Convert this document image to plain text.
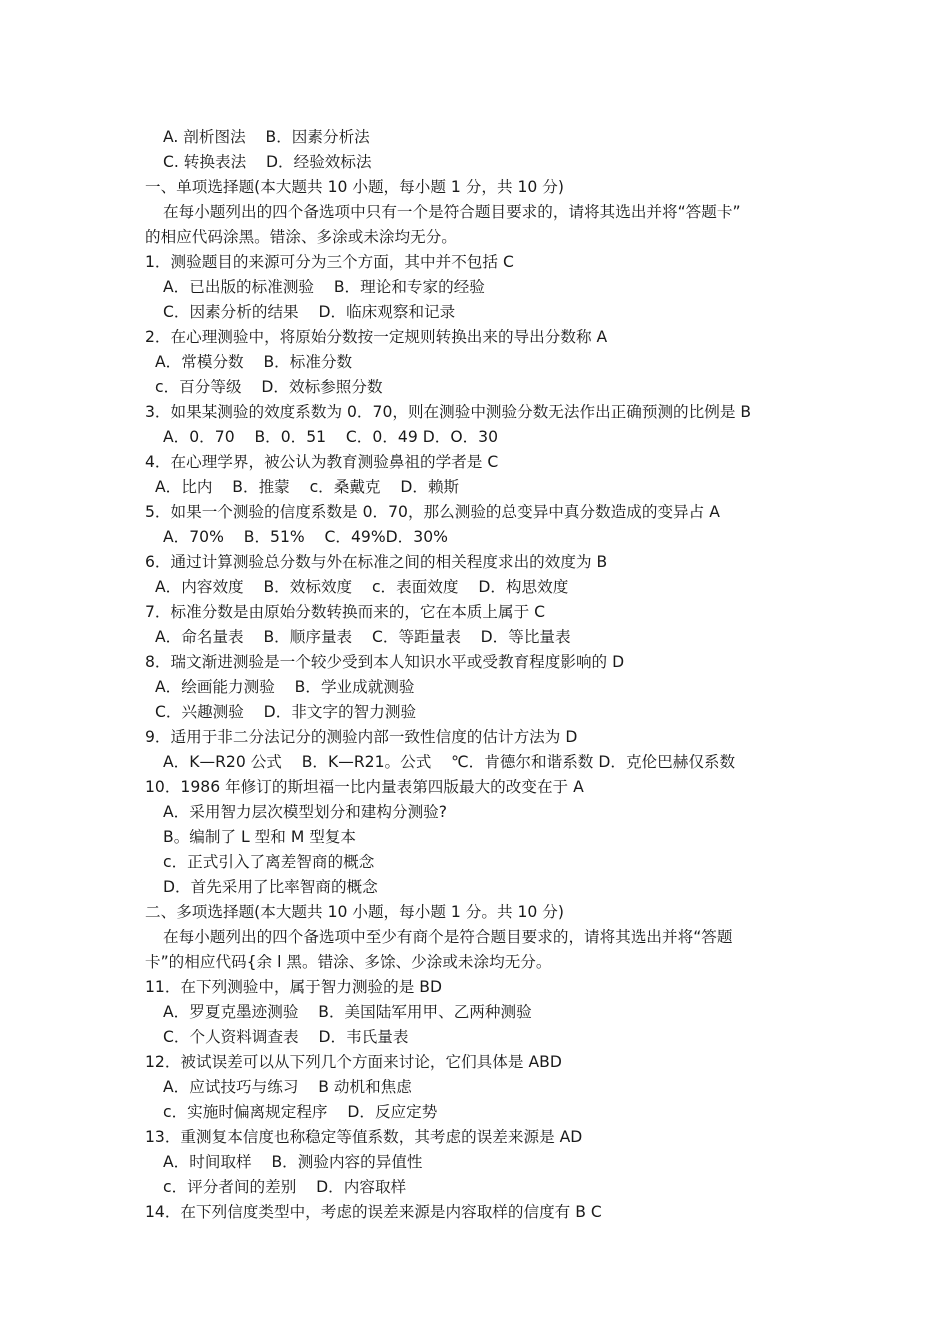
A. 剖析图法    B．因素分析法
C. 转换表法    D．经验效标法
一、单项选择题(本大题共 10 小题，每小题 1 分，共 10 分)
在每小题列出的四个备选项中只有一个是符合题目要求的，请将其选出并将“答题卡”
的相应代码涂黑。错涂、多涂或未涂均无分。
1．测验题目的来源可分为三个方面，其中并不包括 C
A．已出版的标准测验    B．理论和专家的经验
C．因素分析的结果    D．临床观察和记录
2．在心理测验中，将原始分数按一定规则转换出来的导出分数称 A
A．常模分数    B．标准分数
c．百分等级    D．效标参照分数
3．如果某测验的效度系数为 0．70，则在测验中测验分数无法作出正确预测的比例是 B
A．0．70    B．0．51    C．0．49 D．O．30
4．在心理学界，被公认为教育测验鼻祖的学者是 C
A．比内    B．推蒙    c．桑戴克    D．赖斯
5．如果一个测验的信度系数是 0．70，那么测验的总变异中真分数造成的变异占 A
A．70%    B．51%    C．49%D．30%
6．通过计算测验总分数与外在标准之间的相关程度求出的效度为 B
A．内容效度    B．效标效度    c．表面效度    D．构思效度
7．标准分数是由原始分数转换而来的，它在本质上属于 C
A．命名量表    B．顺序量表    C．等距量表    D．等比量表
8．瑞文渐进测验是一个较少受到本人知识水平或受教育程度影响的 D
A．绘画能力测验    B．学业成就测验
C．兴趣测验    D．非文字的智力测验
9．适用于非二分法记分的测验内部一致性信度的估计方法为 D
A．K—R20 公式    B．K—R21。公式    ℃．肯德尔和谐系数 D．克伦巴赫仅系数
10．1986 年修订的斯坦福一比内量表第四版最大的改变在于 A
A．采用智力层次模型划分和建构分测验?
B。编制了 L 型和 M 型复本
c．正式引入了离差智商的概念
D．首先采用了比率智商的概念
二、多项选择题(本大题共 10 小题，每小题 1 分。共 10 分)
在每小题列出的四个备选项中至少有商个是符合题目要求的，请将其选出并将“答题
卡”的相应代码{余 l 黑。错涂、多馀、少涂或未涂均无分。
11．在下列测验中，属于智力测验的是 BD
A．罗夏克墨迹测验    B．美国陆军用甲、乙两种测验
C．个人资料调查表    D．韦氏量表
12．被试误差可以从下列几个方面来讨论，它们具体是 ABD
A．应试技巧与练习    B 动机和焦虑
c．实施时偏离规定程序    D．反应定势
13．重测复本信度也称稳定等值系数，其考虑的误差来源是 AD
A．时间取样    B．测验内容的异值性
c．评分者间的差别    D．内容取样
14．在下列信度类型中，考虑的误差来源是内容取样的信度有 B C
